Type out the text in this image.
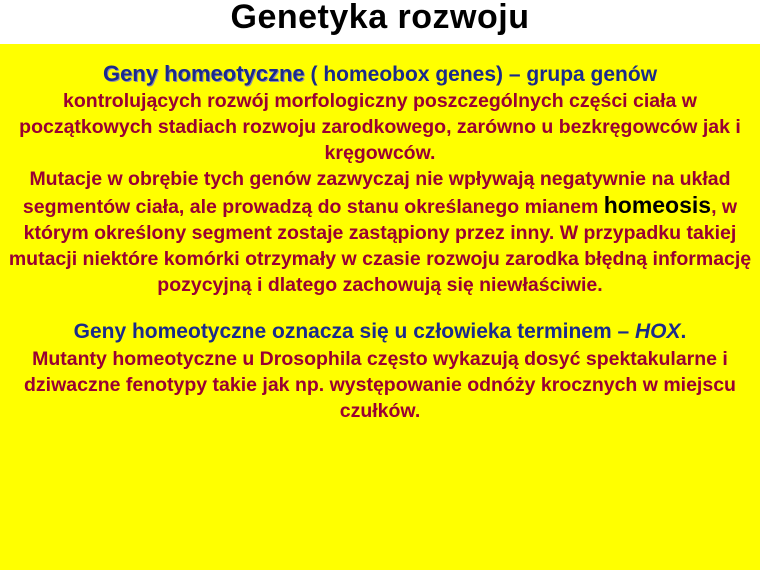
Genetyka rozwoju

Geny homeotyczne ( homeobox genes) – grupa genów
kontrolujących rozwój morfologiczny poszczególnych części ciała w początkowych stadiach rozwoju zarodkowego, zarówno u bezkręgowców jak i kręgowców.
Mutacje w obrębie tych genów zazwyczaj nie wpływają negatywnie na układ segmentów ciała, ale prowadzą do stanu określanego mianem homeosis, w którym określony segment zostaje zastąpiony przez inny. W przypadku takiej mutacji niektóre komórki otrzymały w czasie rozwoju zarodka błędną informację pozycyjną i dlatego zachowują się niewłaściwie.

Geny homeotyczne oznacza się u człowieka terminem – HOX.

Mutanty homeotyczne u Drosophila często wykazują dosyć spektakularne i dziwaczne fenotypy takie jak np. występowanie odnóży krocznych w miejscu czułków.
